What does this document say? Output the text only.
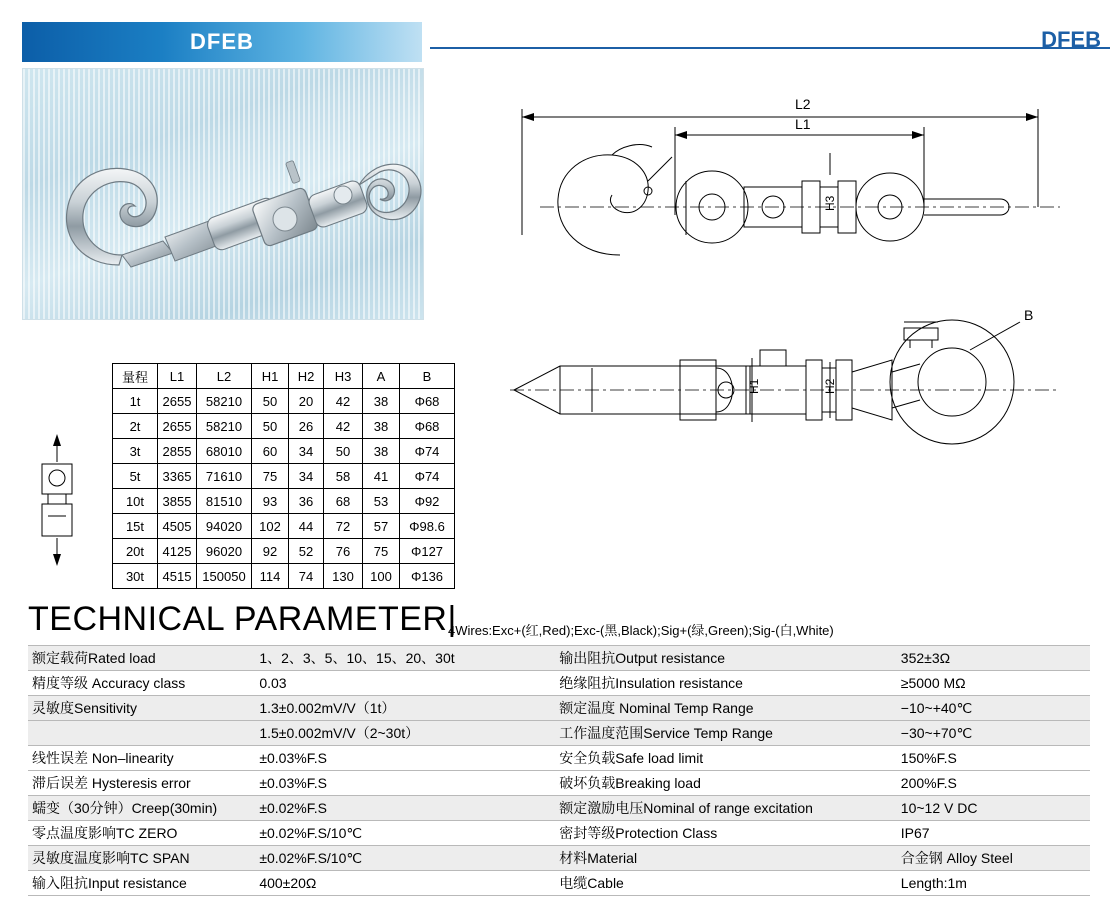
DFEB	DFEB
L2
L1
H3
B
H1	H2
量程	L1	L2	H1	H2	H3	A	B
1t	2655	58210	50	20	42	38	Φ68
2t	2655	58210	50	26	42	38	Φ68
3t	2855	68010	60	34	50	38	Φ74
5t	3365	71610	75	34	58	41	Φ74
10t	3855	81510	93	36	68	53	Φ92
15t	4505	94020	102	44	72	57	Φ98.6
20t	4125	96020	92	52	76	75	Φ127
30t	4515	150050	114	74	130	100	Φ136
TECHNICAL PARAMETER|
4Wires:Exc+(红,Red);Exc-(黑,Black);Sig+(绿,Green);Sig-(白,White)
额定载荷Rated load	1、2、3、5、10、15、20、30t	输出阻抗Output resistance	352±3Ω
精度等级 Accuracy class	0.03	绝缘阻抗Insulation resistance	≥5000 MΩ
灵敏度Sensitivity	1.3±0.002mV/V（1t）	额定温度 Nominal Temp Range	−10~+40℃
	1.5±0.002mV/V（2~30t）	工作温度范围Service Temp Range	−30~+70℃
线性误差 Non–linearity	±0.03%F.S	安全负载Safe load limit	150%F.S
滞后误差 Hysteresis error	±0.03%F.S	破坏负载Breaking load	200%F.S
蠕变（30分钟）Creep(30min)	±0.02%F.S	额定激励电压Nominal of range excitation	10~12 V DC
零点温度影响TC ZERO	±0.02%F.S/10℃	密封等级Protection Class	IP67
灵敏度温度影响TC SPAN	±0.02%F.S/10℃	材料Material	合金钢 Alloy Steel
输入阻抗Input resistance	400±20Ω	电缆Cable	Length:1m
